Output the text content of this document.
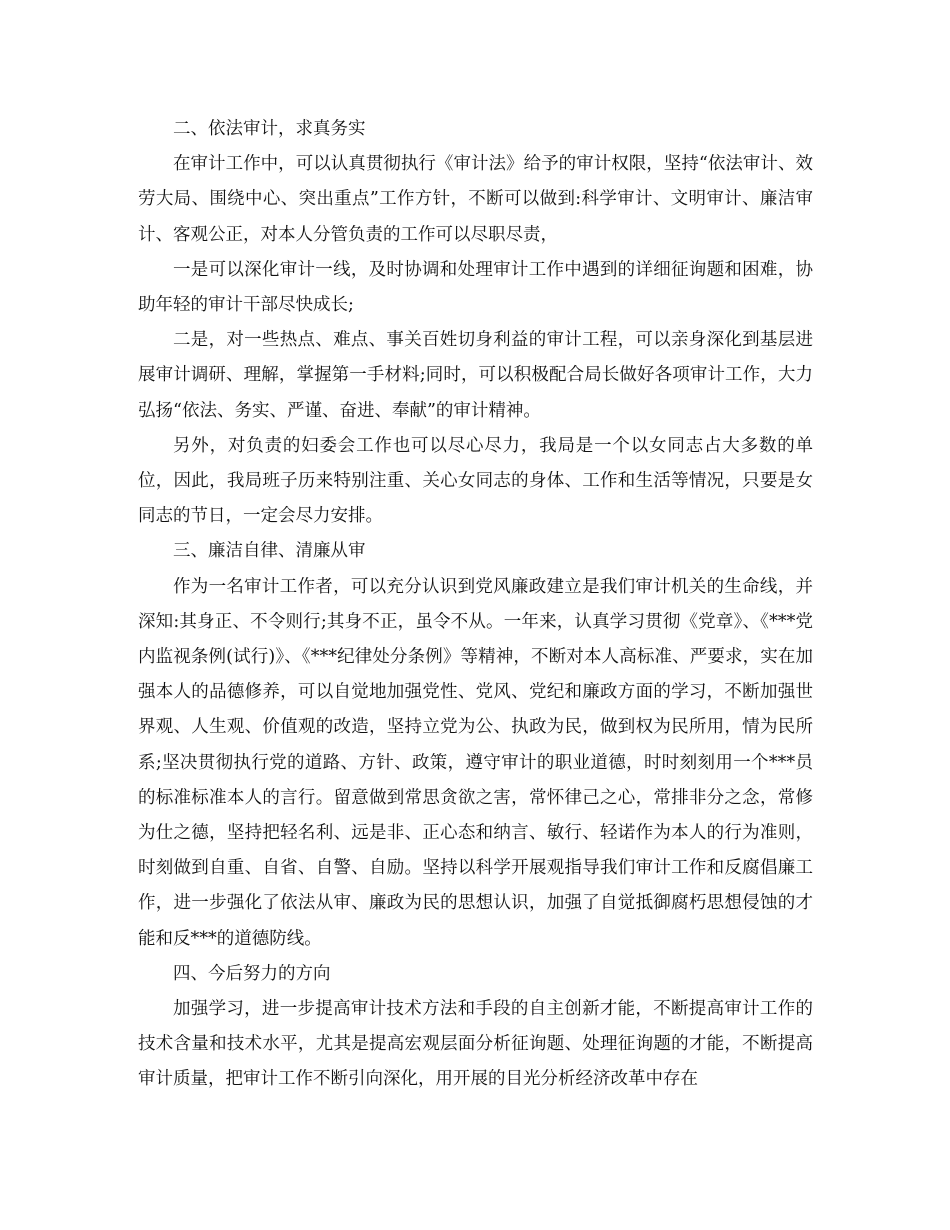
二、依法审计，求真务实

在审计工作中，可以认真贯彻执行《审计法》给予的审计权限，坚持“依法审计、效劳大局、围绕中心、突出重点”工作方针，不断可以做到:科学审计、文明审计、廉洁审计、客观公正，对本人分管负责的工作可以尽职尽责，

一是可以深化审计一线，及时协调和处理审计工作中遇到的详细征询题和困难，协助年轻的审计干部尽快成长;

二是，对一些热点、难点、事关百姓切身利益的审计工程，可以亲身深化到基层进展审计调研、理解，掌握第一手材料;同时，可以积极配合局长做好各项审计工作，大力弘扬“依法、务实、严谨、奋进、奉献”的审计精神。

另外，对负责的妇委会工作也可以尽心尽力，我局是一个以女同志占大多数的单位，因此，我局班子历来特别注重、关心女同志的身体、工作和生活等情况，只要是女同志的节日，一定会尽力安排。

三、廉洁自律、清廉从审

作为一名审计工作者，可以充分认识到党风廉政建立是我们审计机关的生命线，并深知:其身正、不令则行;其身不正，虽令不从。一年来，认真学习贯彻《党章》、《***党内监视条例(试行)》、《***纪律处分条例》等精神，不断对本人高标准、严要求，实在加强本人的品德修养，可以自觉地加强党性、党风、党纪和廉政方面的学习，不断加强世界观、人生观、价值观的改造，坚持立党为公、执政为民，做到权为民所用，情为民所系;坚决贯彻执行党的道路、方针、政策，遵守审计的职业道德，时时刻刻用一个***员的标准标准本人的言行。留意做到常思贪欲之害，常怀律己之心，常排非分之念，常修为仕之德，坚持把轻名利、远是非、正心态和纳言、敏行、轻诺作为本人的行为准则，时刻做到自重、自省、自警、自励。坚持以科学开展观指导我们审计工作和反腐倡廉工作，进一步强化了依法从审、廉政为民的思想认识，加强了自觉抵御腐朽思想侵蚀的才能和反***的道德防线。

四、今后努力的方向

加强学习，进一步提高审计技术方法和手段的自主创新才能，不断提高审计工作的技术含量和技术水平，尤其是提高宏观层面分析征询题、处理征询题的才能，不断提高审计质量，把审计工作不断引向深化，用开展的目光分析经济改革中存在
